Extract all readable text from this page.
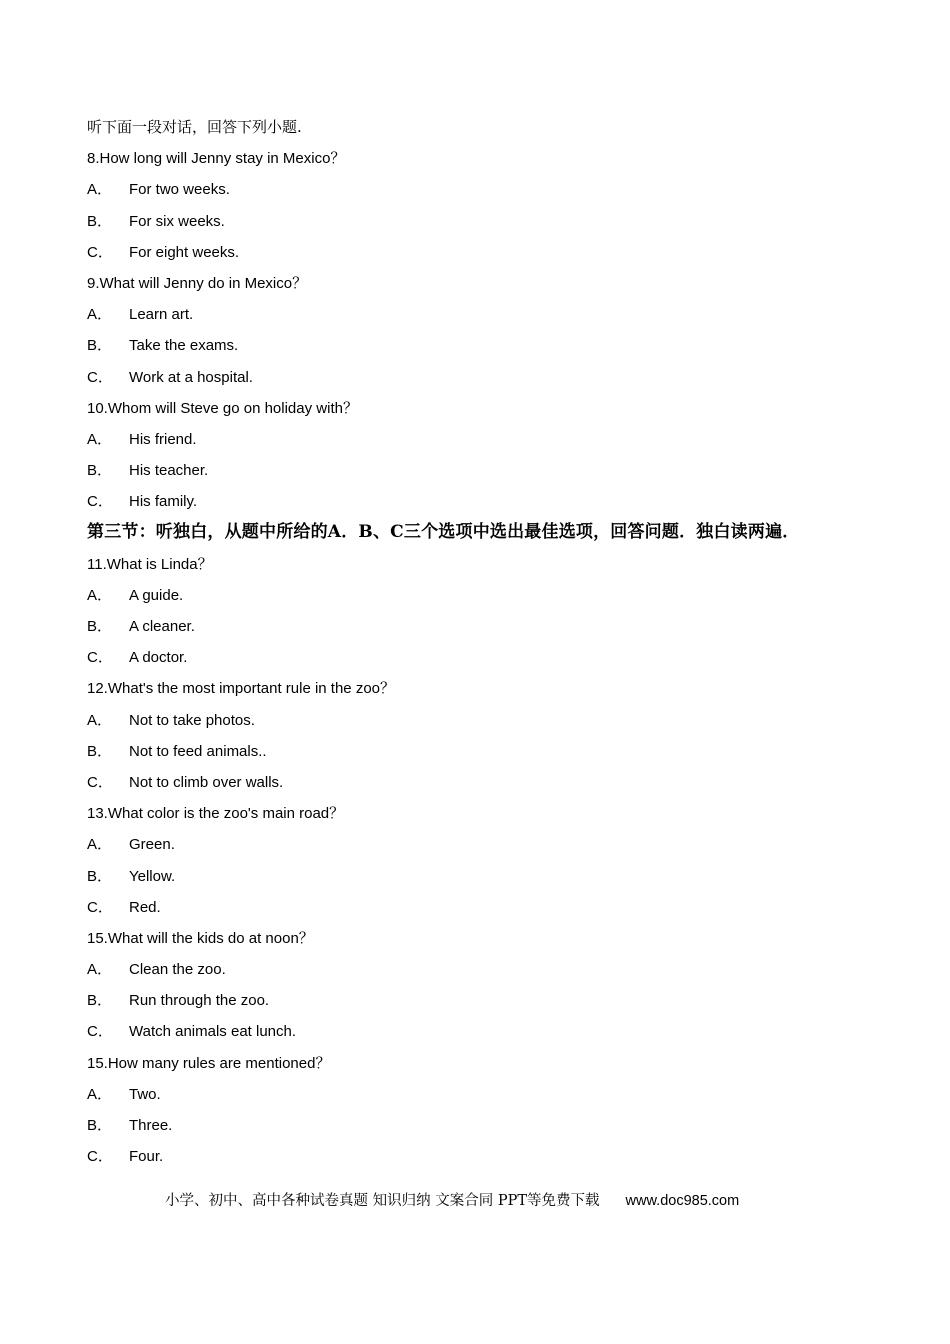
听下面一段对话，回答下列小题.
8.How long will Jenny stay in Mexico？
A． For two weeks.
B． For six weeks.
C． For eight weeks.
9.What will Jenny do in Mexico？
A． Learn art.
B． Take the exams.
C． Work at a hospital.
10.Whom will Steve go on holiday with？
A． His friend.
B． His teacher.
C． His family.
第三节：听独白，从题中所给的A．B、C三个选项中选出最佳选项，回答问题．独白读两遍．
11.What is Linda？
A． A guide.
B． A cleaner.
C． A doctor.
12.What's the most important rule in the zoo？
A． Not to take photos.
B． Not to feed animals..
C． Not to climb over walls.
13.What color is the zoo's main road？
A． Green.
B． Yellow.
C． Red.
15.What will the kids do at noon？
A． Clean the zoo.
B． Run through the zoo.
C． Watch animals eat lunch.
15.How many rules are mentioned？
A． Two.
B． Three.
C． Four.
小学、初中、高中各种试卷真题 知识归纳 文案合同 PPT等免费下载 www.doc985.com
